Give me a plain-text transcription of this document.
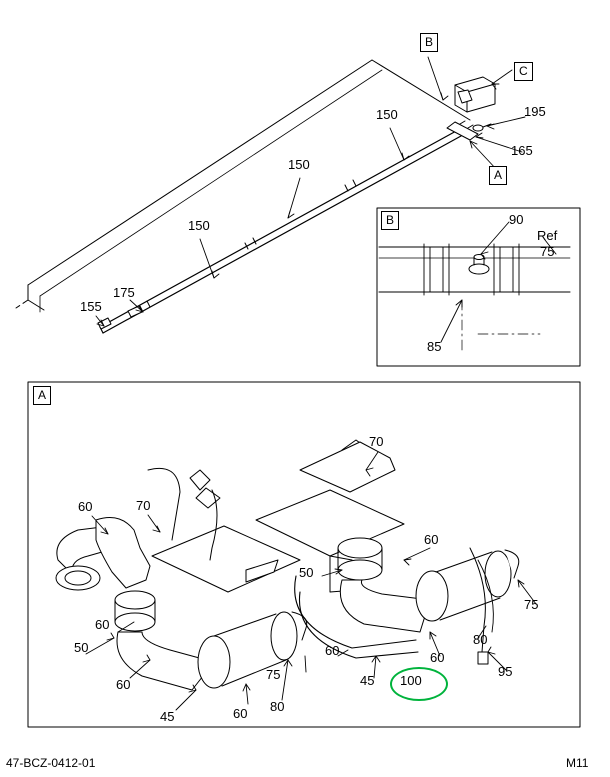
B
C
A
B
A
150
150
150
195
165
175
155
90
Ref
75
85
70
60	70
60
50
60
50
60
45	60 80
75
60
45 100
60
80
95
75
47-BCZ-0412-01	M11
